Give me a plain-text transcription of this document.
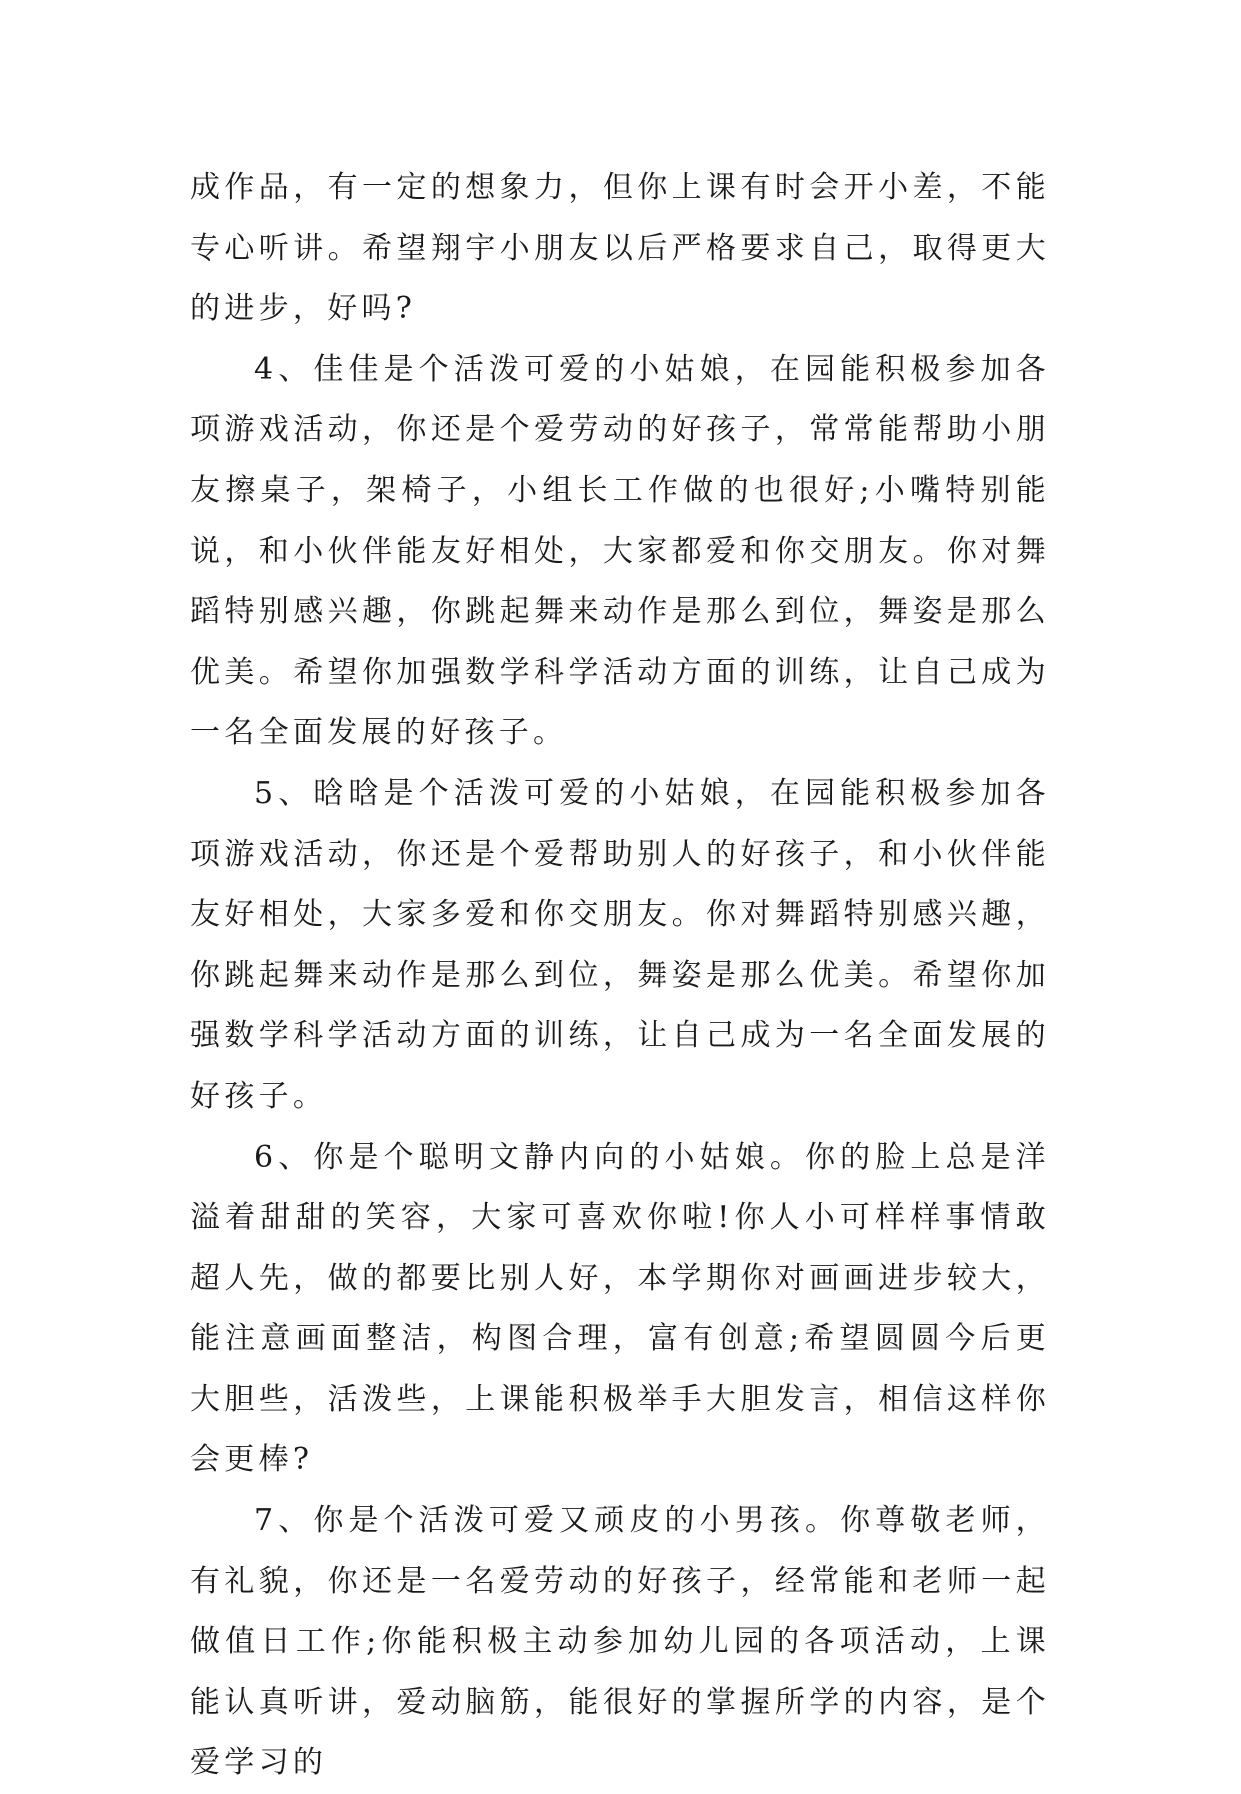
成作品，有一定的想象力，但你上课有时会开小差，不能专心听讲。希望翔宇小朋友以后严格要求自己，取得更大的进步，好吗?

4、佳佳是个活泼可爱的小姑娘，在园能积极参加各项游戏活动，你还是个爱劳动的好孩子，常常能帮助小朋友擦桌子，架椅子，小组长工作做的也很好;小嘴特别能说，和小伙伴能友好相处，大家都爱和你交朋友。你对舞蹈特别感兴趣，你跳起舞来动作是那么到位，舞姿是那么优美。希望你加强数学科学活动方面的训练，让自己成为一名全面发展的好孩子。

5、晗晗是个活泼可爱的小姑娘，在园能积极参加各项游戏活动，你还是个爱帮助别人的好孩子，和小伙伴能友好相处，大家多爱和你交朋友。你对舞蹈特别感兴趣，你跳起舞来动作是那么到位，舞姿是那么优美。希望你加强数学科学活动方面的训练，让自己成为一名全面发展的好孩子。

6、你是个聪明文静内向的小姑娘。你的脸上总是洋溢着甜甜的笑容，大家可喜欢你啦!你人小可样样事情敢超人先，做的都要比别人好，本学期你对画画进步较大，能注意画面整洁，构图合理，富有创意;希望圆圆今后更大胆些，活泼些，上课能积极举手大胆发言，相信这样你会更棒?

7、你是个活泼可爱又顽皮的小男孩。你尊敬老师，有礼貌，你还是一名爱劳动的好孩子，经常能和老师一起做值日工作;你能积极主动参加幼儿园的各项活动，上课能认真听讲，爱动脑筋，能很好的掌握所学的内容，是个爱学习的
